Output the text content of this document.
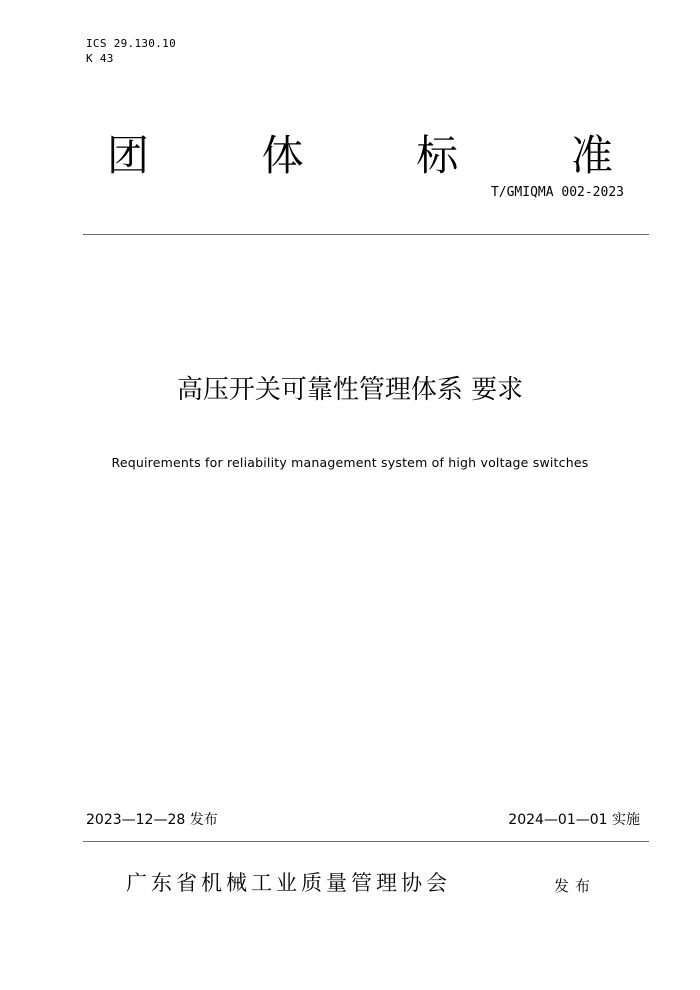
ICS 29.130.10
K 43
团	体	标	准
T/GMIQMA 002-2023
高压开关可靠性管理体系 要求
Requirements for reliability management system of high voltage switches
2023—12—28 发布	2024—01—01 实施
广东省机械工业质量管理协会	发布
